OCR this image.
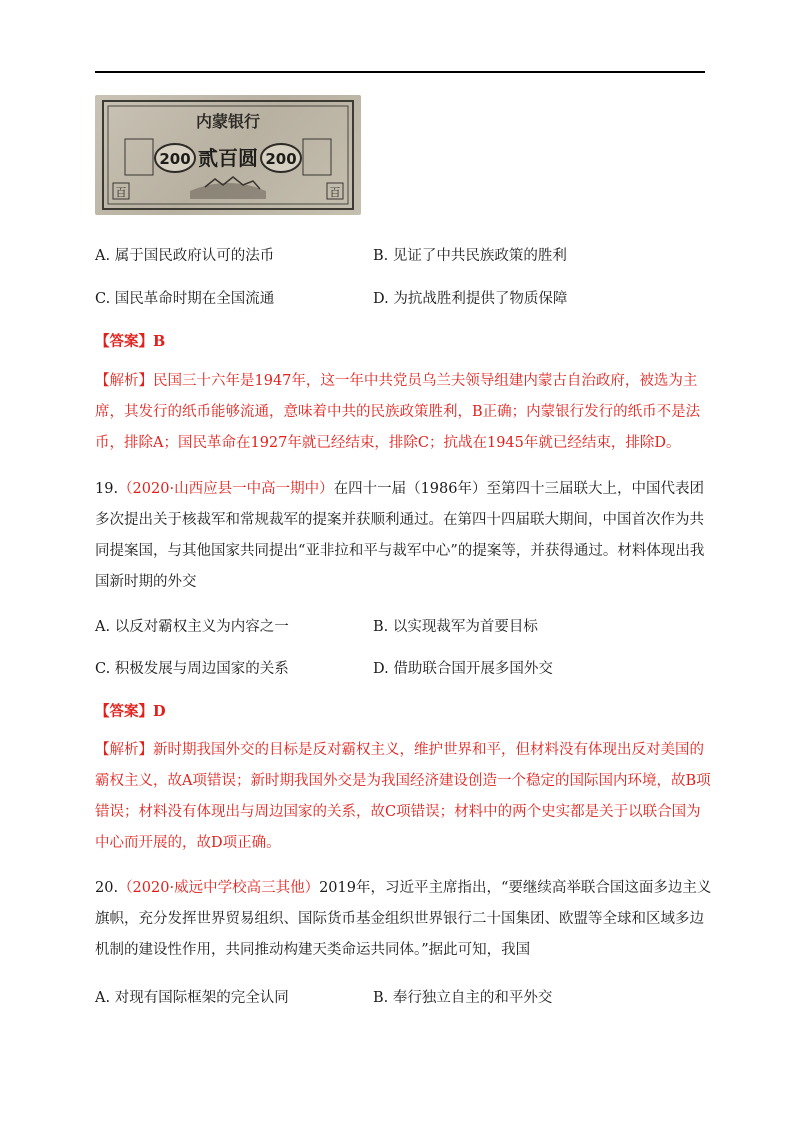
内蒙银行
200	200
贰百圆
百	百
A. 属于国民政府认可的法币	B. 见证了中共民族政策的胜利
C. 国民革命时期在全国流通	D. 为抗战胜利提供了物质保障
【答案】B
【解析】民国三十六年是1947年，这一年中共党员乌兰夫领导组建内蒙古自治政府，被选为主席，其发行的纸币能够流通，意味着中共的民族政策胜利，B正确；内蒙银行发行的纸币不是法币，排除A；国民革命在1927年就已经结束，排除C；抗战在1945年就已经结束，排除D。
19.（2020·山西应县一中高一期中）在四十一届（1986年）至第四十三届联大上，中国代表团多次提出关于核裁军和常规裁军的提案并获顺利通过。在第四十四届联大期间，中国首次作为共同提案国，与其他国家共同提出“亚非拉和平与裁军中心”的提案等，并获得通过。材料体现出我国新时期的外交
A. 以反对霸权主义为内容之一	B. 以实现裁军为首要目标
C. 积极发展与周边国家的关系	D. 借助联合国开展多国外交
【答案】D
【解析】新时期我国外交的目标是反对霸权主义，维护世界和平，但材料没有体现出反对美国的霸权主义，故A项错误；新时期我国外交是为我国经济建设创造一个稳定的国际国内环境，故B项错误；材料没有体现出与周边国家的关系，故C项错误；材料中的两个史实都是关于以联合国为中心而开展的，故D项正确。
20.（2020·威远中学校高三其他）2019年，习近平主席指出，“要继续高举联合国这面多边主义旗帜，充分发挥世界贸易组织、国际货币基金组织世界银行二十国集团、欧盟等全球和区域多边机制的建设性作用，共同推动构建天类命运共同体。”据此可知，我国
A. 对现有国际框架的完全认同	B. 奉行独立自主的和平外交
